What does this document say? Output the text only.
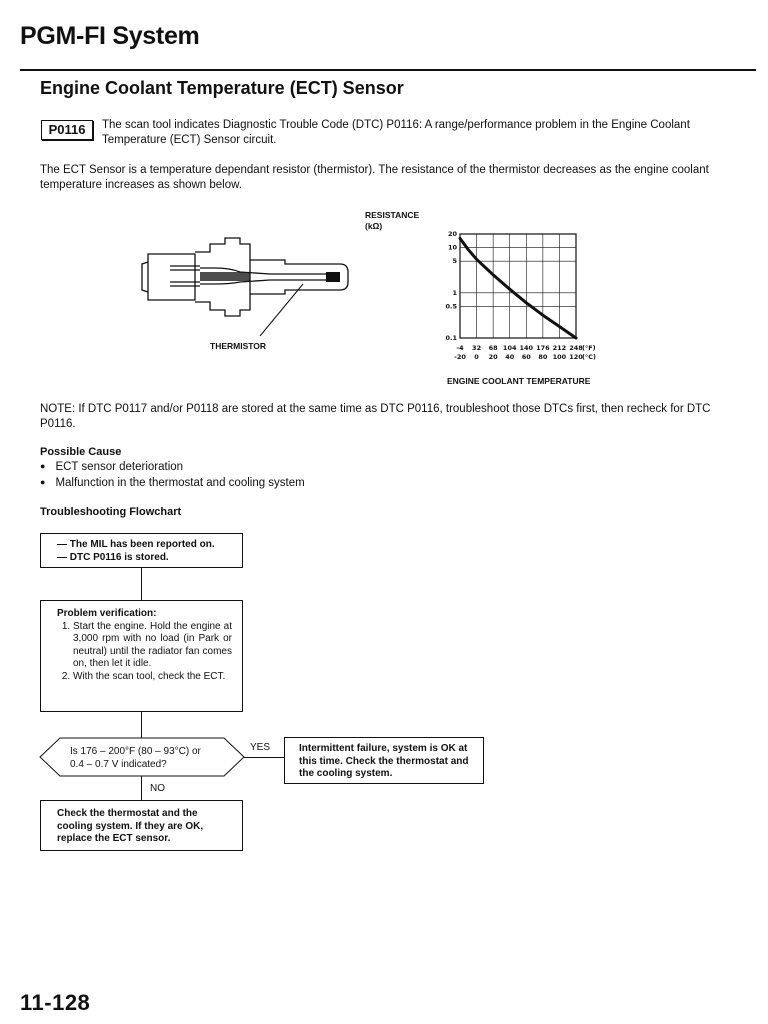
PGM-FI System
Engine Coolant Temperature (ECT) Sensor
P0116	The scan tool indicates Diagnostic Trouble Code (DTC) P0116: A range/performance problem in the Engine Coolant Temperature (ECT) Sensor circuit.
The ECT Sensor is a temperature dependant resistor (thermistor). The resistance of the thermistor decreases as the engine coolant temperature increases as shown below.
THERMISTOR
RESISTANCE
(kΩ)
20
10
5
1
0.5
0.1
-4
-20
32
0
68
20
104
40
140
60
176
80
212
100
248
120
(°F)
(°C)
ENGINE COOLANT TEMPERATURE
NOTE: If DTC P0117 and/or P0118 are stored at the same time as DTC P0116, troubleshoot those DTCs first, then recheck for DTC P0116.
Possible Cause
● ECT sensor deterioration
● Malfunction in the thermostat and cooling system
Troubleshooting Flowchart
— The MIL has been reported on.
— DTC P0116 is stored.
Problem verification:
1. Start the engine. Hold the engine at 3,000 rpm with no load (in Park or neutral) until the radiator fan comes on, then let it idle.
2. With the scan tool, check the ECT.
Is 176 – 200°F (80 – 93°C) or
0.4 – 0.7 V indicated?
YES
NO
Intermittent failure, system is OK at this time. Check the thermostat and the cooling system.
Check the thermostat and the cooling system. If they are OK, replace the ECT sensor.
11-128
